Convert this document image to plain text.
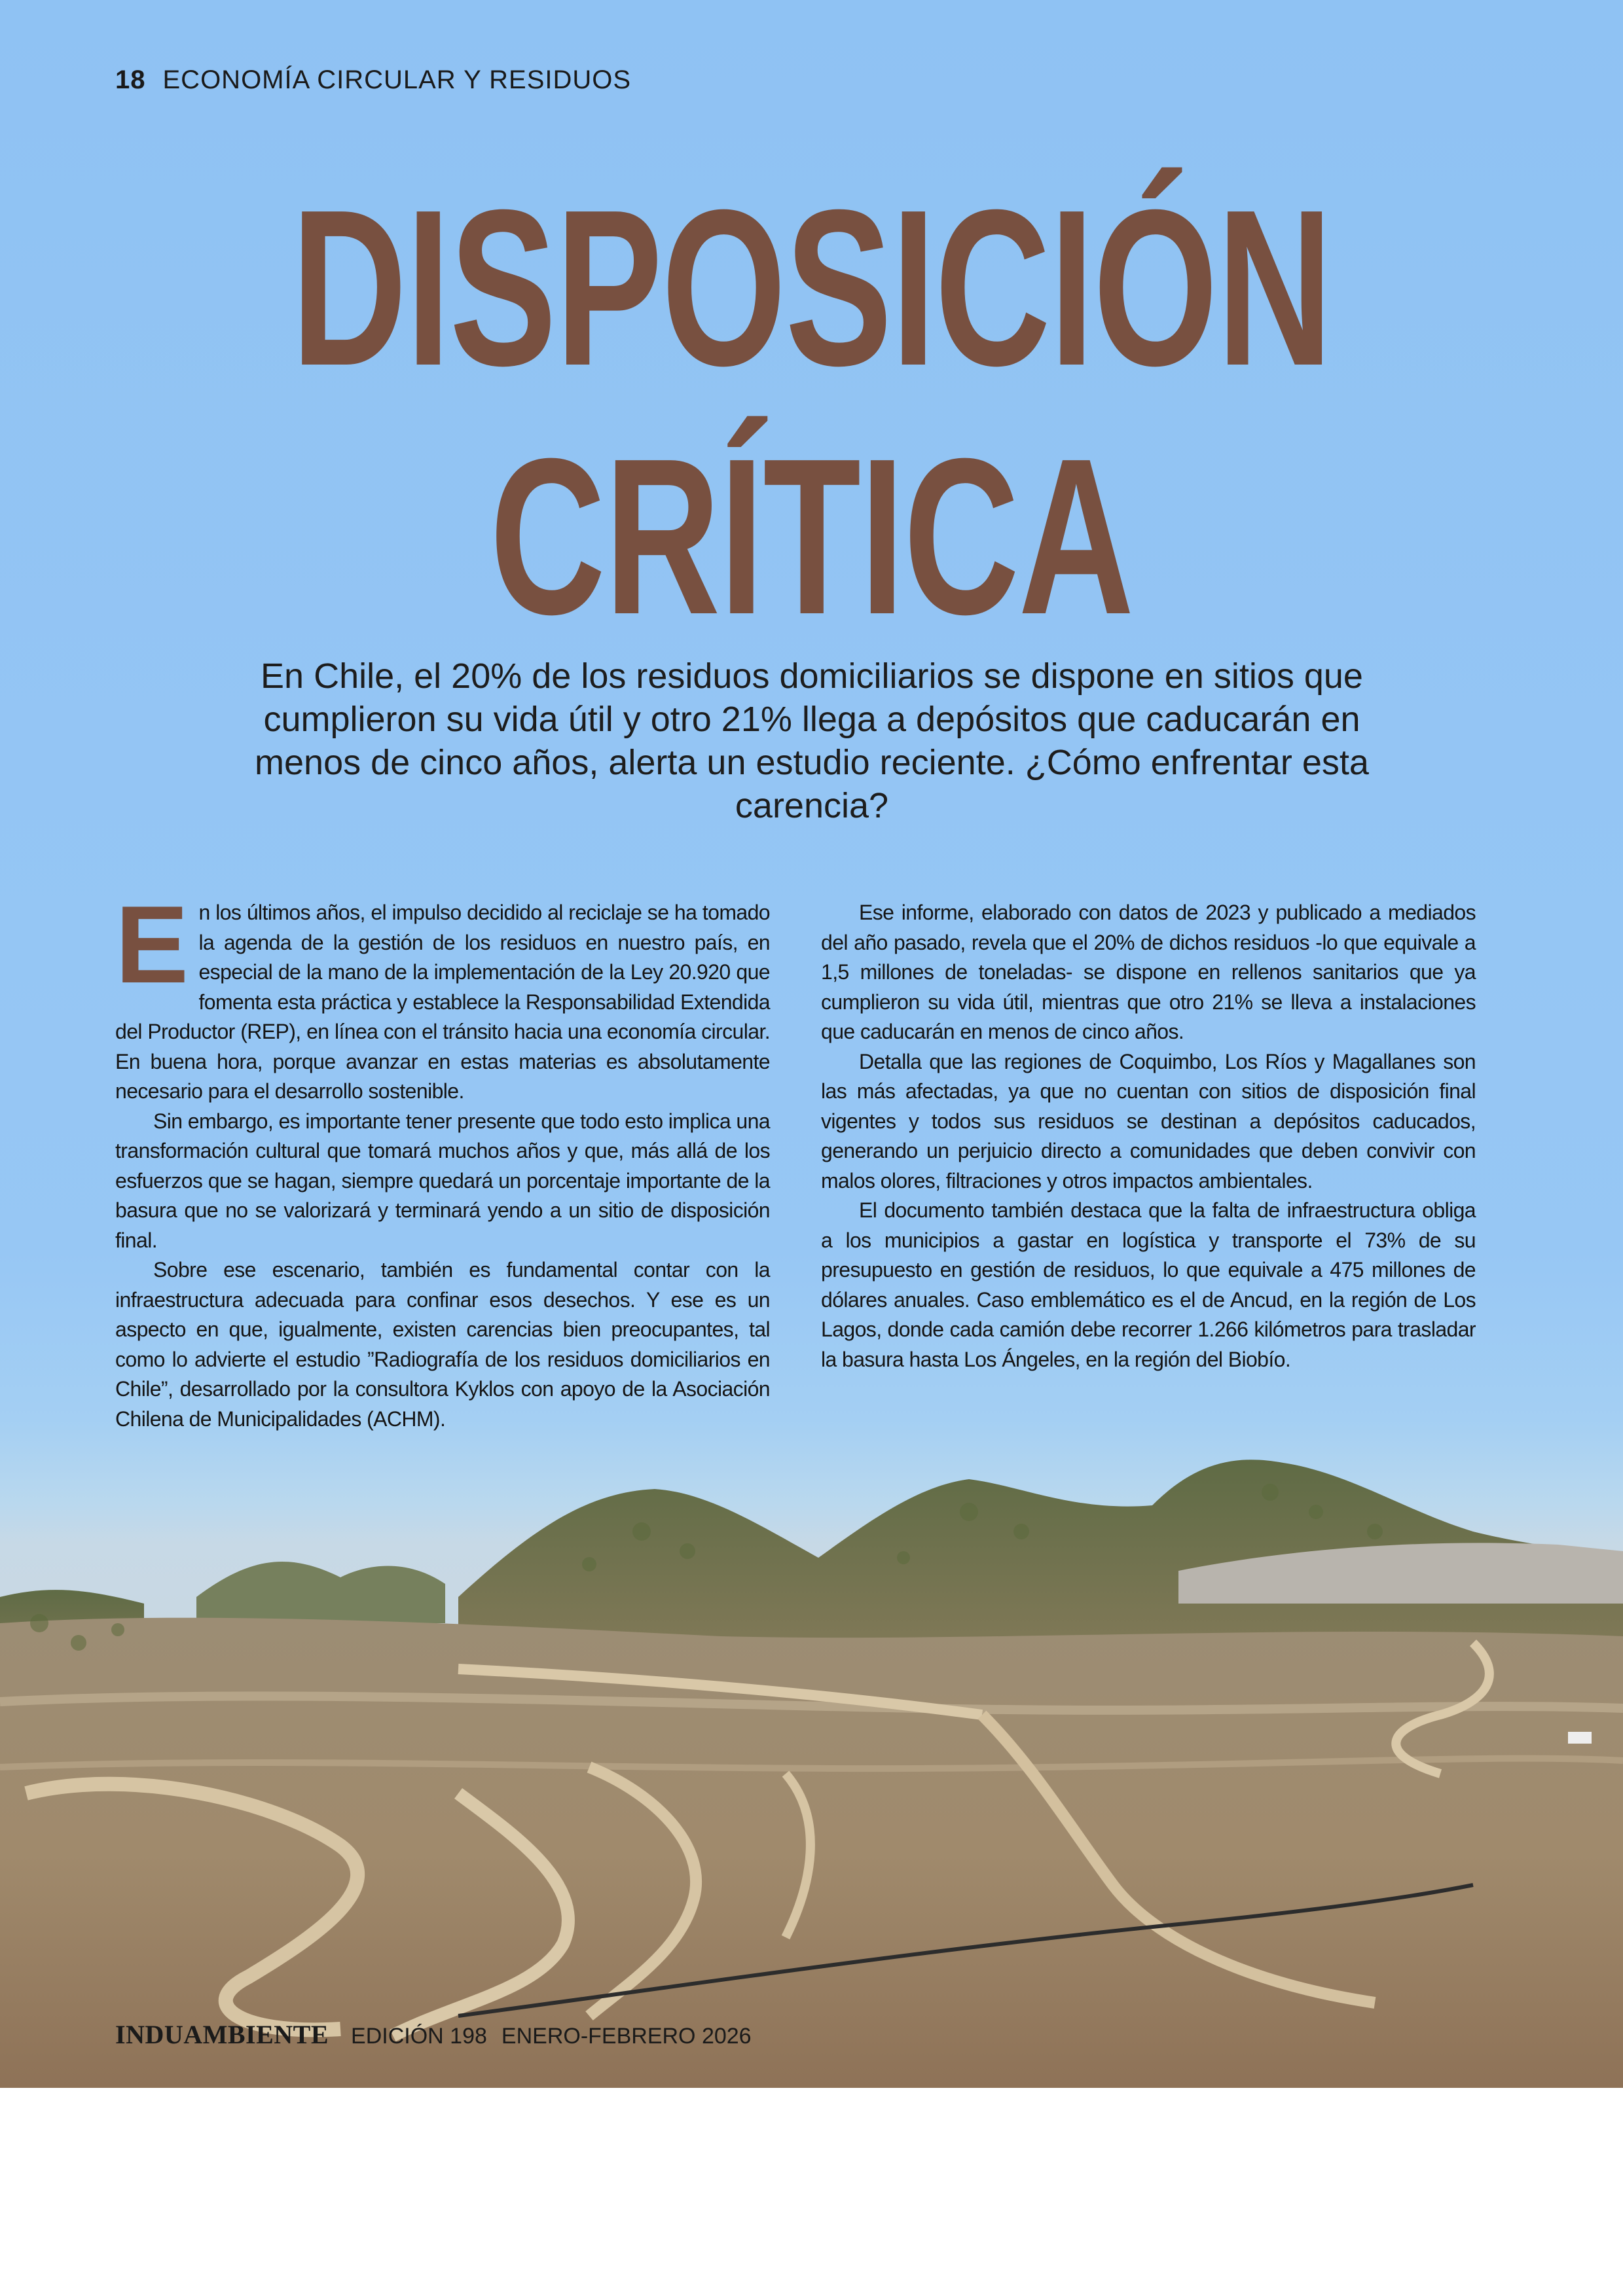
18 ECONOMÍA CIRCULAR Y RESIDUOS
DISPOSICIÓN
CRÍTICA
En Chile, el 20% de los residuos domiciliarios se dispone en sitios que cumplieron su vida útil y otro 21% llega a depósitos que caducarán en menos de cinco años, alerta un estudio reciente. ¿Cómo enfrentar esta carencia?
E n los últimos años, el impulso decidido al reciclaje se ha tomado la agenda de la gestión de los residuos en nuestro país, en especial de la mano de la implementación de la Ley 20.920 que fomenta esta práctica y establece la Responsabilidad Extendida del Productor (REP), en línea con el tránsito hacia una economía circular. En buena hora, porque avanzar en estas materias es absolutamente necesario para el desarrollo sostenible.

Sin embargo, es importante tener presente que todo esto implica una transformación cultural que tomará muchos años y que, más allá de los esfuerzos que se hagan, siempre quedará un porcentaje importante de la basura que no se valorizará y terminará yendo a un sitio de disposición final.

Sobre ese escenario, también es fundamental contar con la infraestructura adecuada para confinar esos desechos. Y ese es un aspecto en que, igualmente, existen carencias bien preocupantes, tal como lo advierte el estudio ”Radiografía de los residuos domiciliarios en Chile”, desarrollado por la consultora Kyklos con apoyo de la Asociación Chilena de Municipalidades (ACHM).

Ese informe, elaborado con datos de 2023 y publicado a mediados del año pasado, revela que el 20% de dichos residuos -lo que equivale a 1,5 millones de toneladas- se dispone en rellenos sanitarios que ya cumplieron su vida útil, mientras que otro 21% se lleva a instalaciones que caducarán en menos de cinco años.

Detalla que las regiones de Coquimbo, Los Ríos y Magallanes son las más afectadas, ya que no cuentan con sitios de disposición final vigentes y todos sus residuos se destinan a depósitos caducados, generando un perjuicio directo a comunidades que deben convivir con malos olores, filtraciones y otros impactos ambientales.

El documento también destaca que la falta de infraestructura obliga a los municipios a gastar en logística y transporte el 73% de su presupuesto en gestión de residuos, lo que equivale a 475 millones de dólares anuales. Caso emblemático es el de Ancud, en la región de Los Lagos, donde cada camión debe recorrer 1.266 kilómetros para trasladar la basura hasta Los Ángeles, en la región del Biobío.

INDUAMBIENTE EDICIÓN 198 ENERO-FEBRERO 2026
